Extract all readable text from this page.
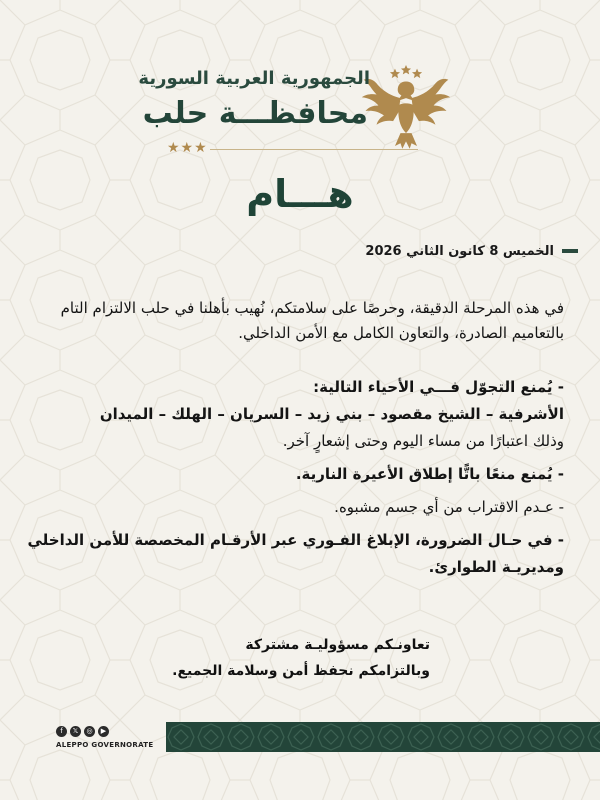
الجمهورية العربية السورية
محافظـــة حلب
★★★
هـــام
الخميس 8 كانون الثاني 2026
في هذه المرحلة الدقيقة، وحرصًا على سلامتكم، نُهيب بأهلنا في حلب الالتزام التام بالتعاميم الصادرة، والتعاون الكامل مع الأمن الداخلي.

- يُمنع التجوّل فـــي الأحياء التالية:

الأشرفية – الشيخ مقصود – بني زيد – السريان – الهلك – الميدان

وذلك اعتبارًا من مساء اليوم وحتى إشعارٍ آخر.

- يُمنع منعًا باتًّا إطلاق الأعيرة النارية.

- عـدم الاقتراب من أي جسم مشبوه.

- في حـال الضرورة، الإبلاغ الفـوري عبر الأرقـام المخصصة للأمن الداخلي

ومديريـة الطوارئ.

تعاونـكم مسؤوليـة مشتركة

وبالتزامكم نحفظ أمن وسلامة الجميع.

f	𝕏	◎	▶
ALEPPO GOVERNORATE
